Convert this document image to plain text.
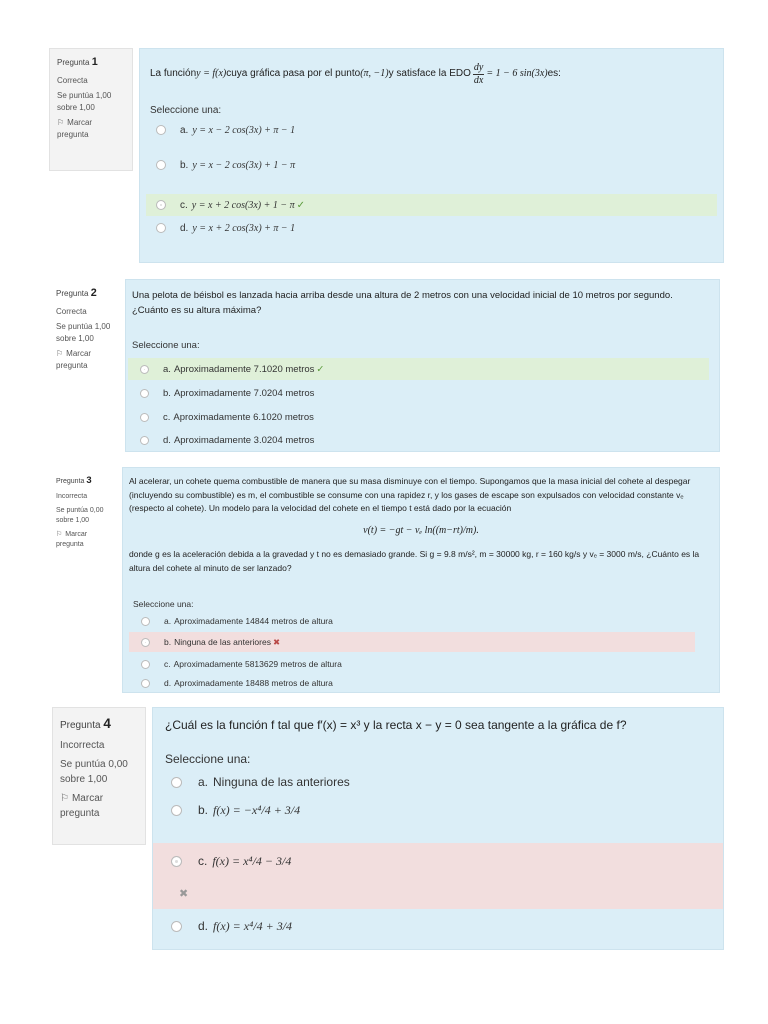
Pregunta 1
Correcta
Se puntúa 1,00 sobre 1,00
⚐ Marcar pregunta
La función y = f(x) cuya gráfica pasa por el punto (π, −1) y satisface la EDO $\frac{dy}{dx} = 1 - 6$ sin(3x) es:
Seleccione una:
a. y = x − 2 cos(3x) + π − 1
b. y = x − 2 cos(3x) + 1 − π
c. y = x + 2 cos(3x) + 1 − π ✓
d. y = x + 2 cos(3x) + π − 1
Pregunta 2
Correcta
Se puntúa 1,00 sobre 1,00
⚐ Marcar pregunta
Una pelota de béisbol es lanzada hacia arriba desde una altura de 2 metros con una velocidad inicial de 10 metros por segundo. ¿Cuánto es su altura máxima?
Seleccione una:
a. Aproximadamente 7.1020 metros ✓
b. Aproximadamente 7.0204 metros
c. Aproximadamente 6.1020 metros
d. Aproximadamente 3.0204 metros
Pregunta 3
Incorrecta
Se puntúa 0,00 sobre 1,00
⚐ Marcar pregunta
Al acelerar, un cohete quema combustible de manera que su masa disminuye con el tiempo. Supongamos que la masa inicial del cohete al despegar (incluyendo su combustible) es m, el combustible se consume con una rapidez r, y los gases de escape son expulsados con velocidad constante vₑ (respecto al cohete). Un modelo para la velocidad del cohete en el tiempo t está dado por la ecuación
v(t) = −gt − vₑ ln((m−rt)/m).
donde g es la aceleración debida a la gravedad y t no es demasiado grande. Si g = 9.8 m/s², m = 30000 kg, r = 160 kg/s y vₑ = 3000 m/s, ¿Cuánto es la altura del cohete al minuto de ser lanzado?
Seleccione una:
a. Aproximadamente 14844 metros de altura
b. Ninguna de las anteriores ✖
c. Aproximadamente 5813629 metros de altura
d. Aproximadamente 18488 metros de altura
Pregunta 4
Incorrecta
Se puntúa 0,00 sobre 1,00
⚐ Marcar pregunta
¿Cuál es la función f tal que f′(x) = x³ y la recta x − y = 0 sea tangente a la gráfica de f?
Seleccione una:
a. Ninguna de las anteriores
b. f(x) = −x⁴/4 + 3/4
c. f(x) = x⁴/4 − 3/4
✖
d. f(x) = x⁴/4 + 3/4
